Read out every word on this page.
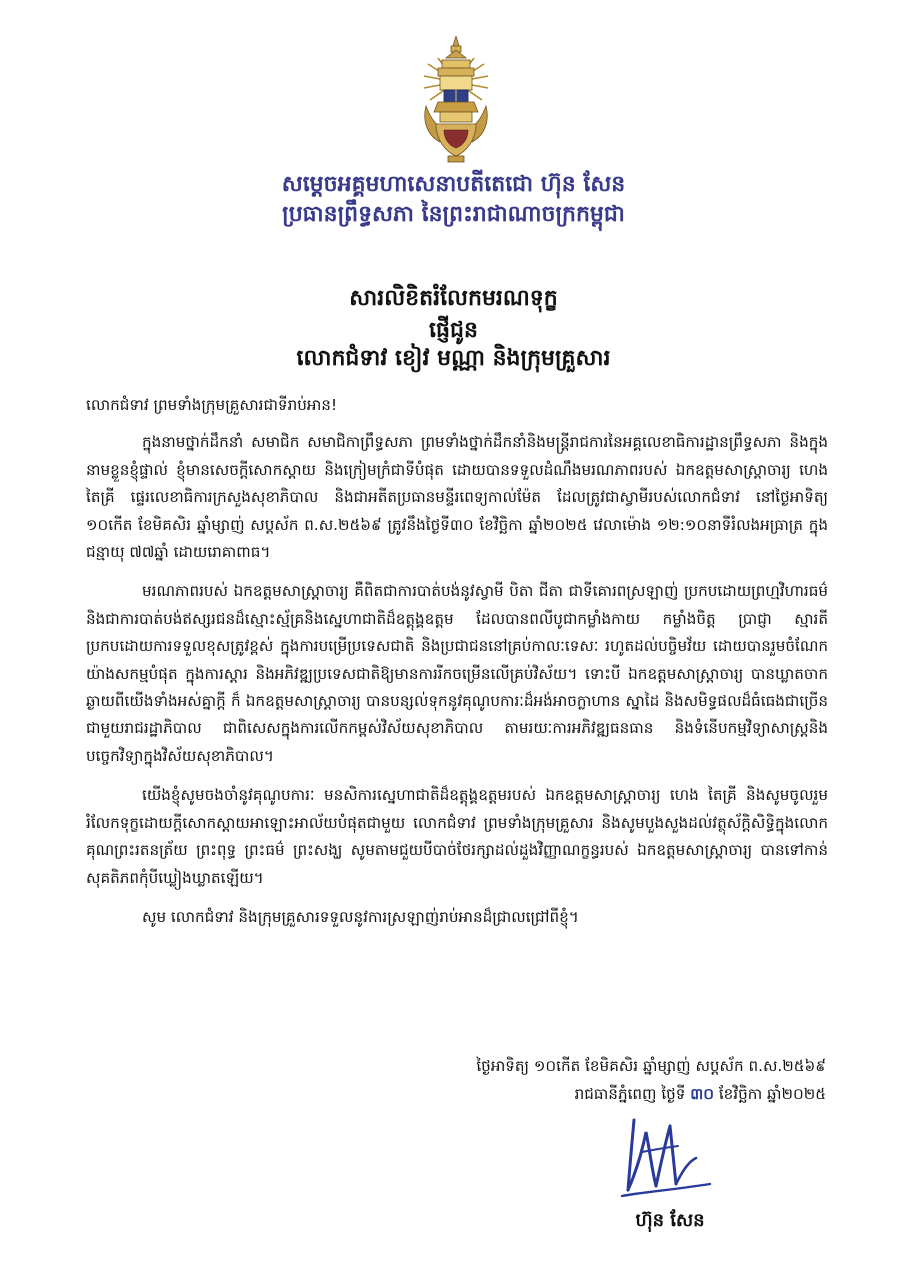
សម្តេចអគ្គមហាសេនាបតីតេជោ ហ៊ុន សែន
ប្រធានព្រឹទ្ធសភា នៃព្រះរាជាណាចក្រកម្ពុជា
សារលិខិតរំលែកមរណទុក្ខ
ផ្ញើជូន
លោកជំទាវ ខៀវ មណ្ណា និងក្រុមគ្រួសារ

លោកជំទាវ ព្រមទាំងក្រុមគ្រួសារជាទីរាប់អាន!

ក្នុងនាមថ្នាក់ដឹកនាំ សមាជិក សមាជិកាព្រឹទ្ធសភា ព្រមទាំងថ្នាក់ដឹកនាំនិងមន្ត្រីរាជការនៃអគ្គលេខាធិការដ្ឋានព្រឹទ្ធសភា និងក្នុងនាមខ្លួនខ្ញុំផ្ទាល់ ខ្ញុំមានសេចក្តីសោកស្តាយ និងក្រៀមក្រំជាទីបំផុត ដោយបានទទួលដំណឹងមរណភាពរបស់ ឯកឧត្តមសាស្ត្រាចារ្យ ហេង តៃគ្រី ផ្ទេរលេខាធិការក្រសួងសុខាភិបាល និងជាអតីតប្រធានមន្ទីរពេទ្យកាល់ម៉ែត ដែលត្រូវជាស្វាមីរបស់លោកជំទាវ នៅថ្ងៃអាទិត្យ ១០កើត ខែមិគសិរ ឆ្នាំម្សាញ់ សប្តស័ក ព.ស.២៥៦៩ ត្រូវនឹងថ្ងៃទី៣០ ខែវិច្ឆិកា ឆ្នាំ២០២៥ វេលាម៉ោង ១២:១០នាទីរំលងអធ្រាត្រ ក្នុងជន្មាយុ ៧៧ឆ្នាំ ដោយរោគាពាធ។

មរណភាពរបស់ ឯកឧត្តមសាស្ត្រាចារ្យ គឺពិតជាការបាត់បង់នូវស្វាមី បិតា ជីតា ជាទីគោរពស្រឡាញ់ ប្រកបដោយព្រហ្មវិហារធម៌ និងជាការបាត់បង់ឥស្សរជនដ៏ស្មោះស្ម័គ្រនិងស្នេហាជាតិដ៏ឧត្តុង្គឧត្តម ដែលបានពលីបូជាកម្លាំងកាយ កម្លាំងចិត្ត ប្រាជ្ញា ស្មារតី ប្រកបដោយការទទួលខុសត្រូវខ្ពស់ ក្នុងការបម្រើប្រទេសជាតិ និងប្រជាជននៅគ្រប់កាលៈទេសៈ រហូតដល់បច្ចិមវ័យ ដោយបានរួមចំណែកយ៉ាងសកម្មបំផុត ក្នុងការស្តារ និងអភិវឌ្ឍប្រទេសជាតិឱ្យមានការរីកចម្រើនលើគ្រប់វិស័យ។ ទោះបី ឯកឧត្តមសាស្ត្រាចារ្យ បានឃ្លាតចាកឆ្ងាយពីយើងទាំងអស់គ្នាក្តី ក៏ ឯកឧត្តមសាស្ត្រាចារ្យ បានបន្សល់ទុកនូវគុណូបការៈដ៏អង់អាចក្លាហាន ស្នាដៃ និងសមិទ្ធផលដ៏ធំធេងជាច្រើន ជាមួយរាជរដ្ឋាភិបាល ជាពិសេសក្នុងការលើកកម្ពស់វិស័យសុខាភិបាល តាមរយៈការអភិវឌ្ឍធនធាន និងទំនើបកម្មវិទ្យាសាស្ត្រនិងបច្ចេកវិទ្យាក្នុងវិស័យសុខាភិបាល។

យើងខ្ញុំសូមចងចាំនូវគុណូបការៈ មនសិការស្នេហាជាតិដ៏ឧត្តុង្គឧត្តមរបស់ ឯកឧត្តមសាស្ត្រាចារ្យ ហេង តៃគ្រី និងសូមចូលរួមរំលែកទុក្ខដោយក្តីសោកស្តាយអាឡោះអាល័យបំផុតជាមួយ លោកជំទាវ ព្រមទាំងក្រុមគ្រួសារ និងសូមបួងសួងដល់វត្ថុស័ក្តិសិទ្ធិក្នុងលោក គុណព្រះរតនត្រ័យ ព្រះពុទ្ធ ព្រះធម៌ ព្រះសង្ឃ សូមតាមជួយបីបាច់ថែរក្សាដល់ដួងវិញ្ញាណក្ខន្ធរបស់ ឯកឧត្តមសាស្ត្រាចារ្យ បានទៅកាន់សុគតិភពកុំបីឃ្លៀងឃ្លាតឡើយ។

សូម លោកជំទាវ និងក្រុមគ្រួសារទទួលនូវការស្រឡាញ់រាប់អានដ៏ជ្រាលជ្រៅពីខ្ញុំ។

ថ្ងៃអាទិត្យ ១០កើត ខែមិគសិរ ឆ្នាំម្សាញ់ សប្តស័ក ព.ស.២៥៦៩
រាជធានីភ្នំពេញ ថ្ងៃទី ៣០ ខែវិច្ឆិកា ឆ្នាំ២០២៥
ហ៊ុន សែន
